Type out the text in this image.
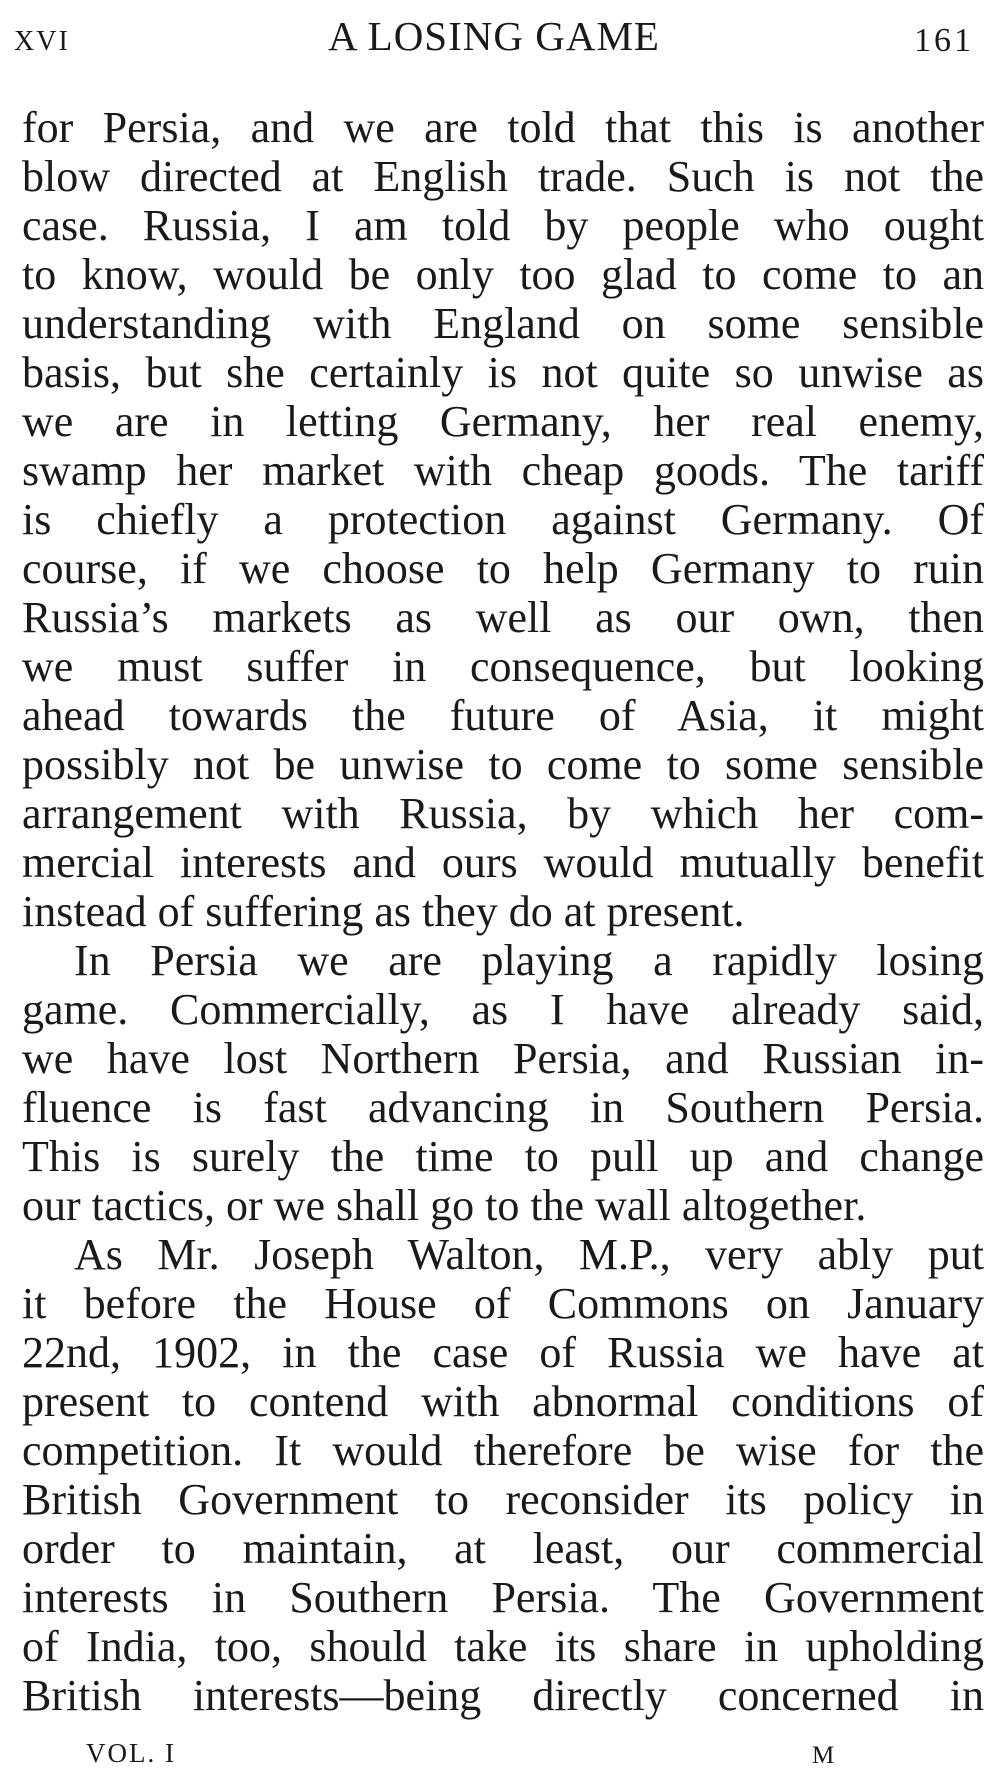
XVI	A LOSING GAME	161
for Persia, and we are told that this is another
blow directed at English trade. Such is not the
case. Russia, I am told by people who ought
to know, would be only too glad to come to an
understanding with England on some sensible
basis, but she certainly is not quite so unwise as
we are in letting Germany, her real enemy,
swamp her market with cheap goods. The tariff
is chiefly a protection against Germany. Of
course, if we choose to help Germany to ruin
Russia’s markets as well as our own, then
we must suffer in consequence, but looking
ahead towards the future of Asia, it might
possibly not be unwise to come to some sensible
arrangement with Russia, by which her com-
mercial interests and ours would mutually benefit
instead of suffering as they do at present.
In Persia we are playing a rapidly losing
game. Commercially, as I have already said,
we have lost Northern Persia, and Russian in-
fluence is fast advancing in Southern Persia.
This is surely the time to pull up and change
our tactics, or we shall go to the wall altogether.
As Mr. Joseph Walton, M.P., very ably put
it before the House of Commons on January
22nd, 1902, in the case of Russia we have at
present to contend with abnormal conditions of
competition. It would therefore be wise for the
British Government to reconsider its policy in
order to maintain, at least, our commercial
interests in Southern Persia. The Government
of India, too, should take its share in upholding
British interests—being directly concerned in
VOL. I	M
